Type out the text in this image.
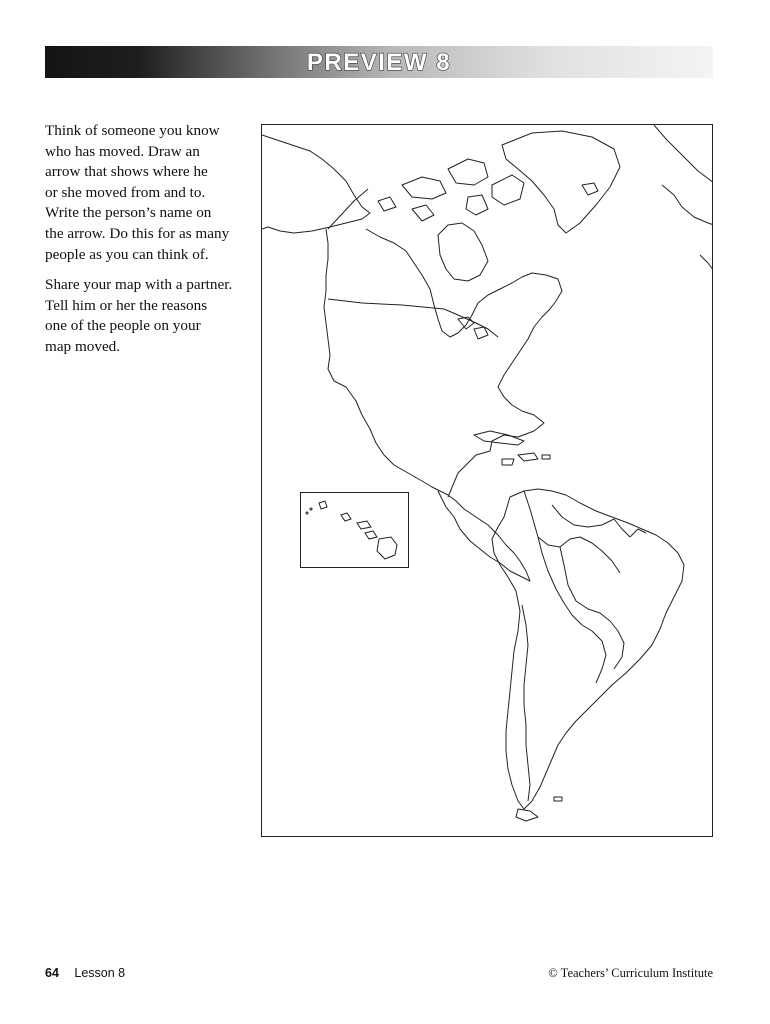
PREVIEW 8

Think of someone you know
who has moved. Draw an
arrow that shows where he
or she moved from and to.
Write the person’s name on
the arrow. Do this for as many
people as you can think of.

Share your map with a partner.
Tell him or her the reasons
one of the people on your
map moved.

64 Lesson 8	© Teachers’ Curriculum Institute
